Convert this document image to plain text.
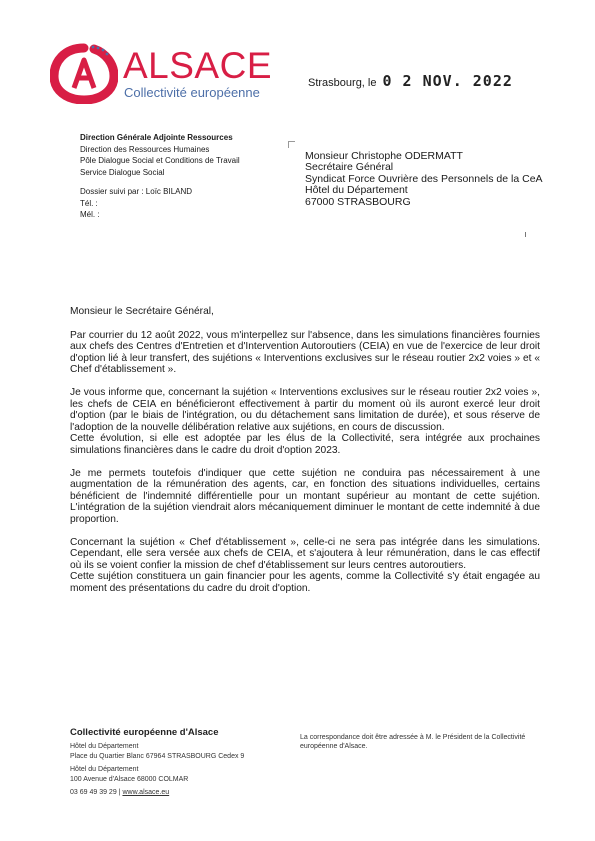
ALSACE
Collectivité européenne
Strasbourg, le 0 2 NOV. 2022
Direction Générale Adjointe Ressources
Direction des Ressources Humaines
Pôle Dialogue Social et Conditions de Travail
Service Dialogue Social
Dossier suivi par : Loïc BILAND
Tél. :
Mél. :
Monsieur Christophe ODERMATT
Secrétaire Général
Syndicat Force Ouvrière des Personnels de la CeA
Hôtel du Département
67000 STRASBOURG
Monsieur le Secrétaire Général,

Par courrier du 12 août 2022, vous m'interpellez sur l'absence, dans les simulations financières fournies aux chefs des Centres d'Entretien et d'Intervention Autoroutiers (CEIA) en vue de l'exercice de leur droit d'option lié à leur transfert, des sujétions « Interventions exclusives sur le réseau routier 2x2 voies » et « Chef d'établissement ».

Je vous informe que, concernant la sujétion « Interventions exclusives sur le réseau routier 2x2 voies », les chefs de CEIA en bénéficieront effectivement à partir du moment où ils auront exercé leur droit d'option (par le biais de l'intégration, ou du détachement sans limitation de durée), et sous réserve de l'adoption de la nouvelle délibération relative aux sujétions, en cours de discussion.

Cette évolution, si elle est adoptée par les élus de la Collectivité, sera intégrée aux prochaines simulations financières dans le cadre du droit d'option 2023.

Je me permets toutefois d'indiquer que cette sujétion ne conduira pas nécessairement à une augmentation de la rémunération des agents, car, en fonction des situations individuelles, certains bénéficient de l'indemnité différentielle pour un montant supérieur au montant de cette sujétion. L'intégration de la sujétion viendrait alors mécaniquement diminuer le montant de cette indemnité à due proportion.

Concernant la sujétion « Chef d'établissement », celle-ci ne sera pas intégrée dans les simulations. Cependant, elle sera versée aux chefs de CEIA, et s'ajoutera à leur rémunération, dans le cas effectif où ils se voient confier la mission de chef d'établissement sur leurs centres autoroutiers.

Cette sujétion constituera un gain financier pour les agents, comme la Collectivité s'y était engagée au moment des présentations du cadre du droit d'option.

Collectivité européenne d'Alsace
Hôtel du Département
Place du Quartier Blanc 67964 STRASBOURG Cedex 9
Hôtel du Département
100 Avenue d'Alsace 68000 COLMAR
03 69 49 39 29 | www.alsace.eu
La correspondance doit être adressée à M. le Président de la Collectivité européenne d'Alsace.
